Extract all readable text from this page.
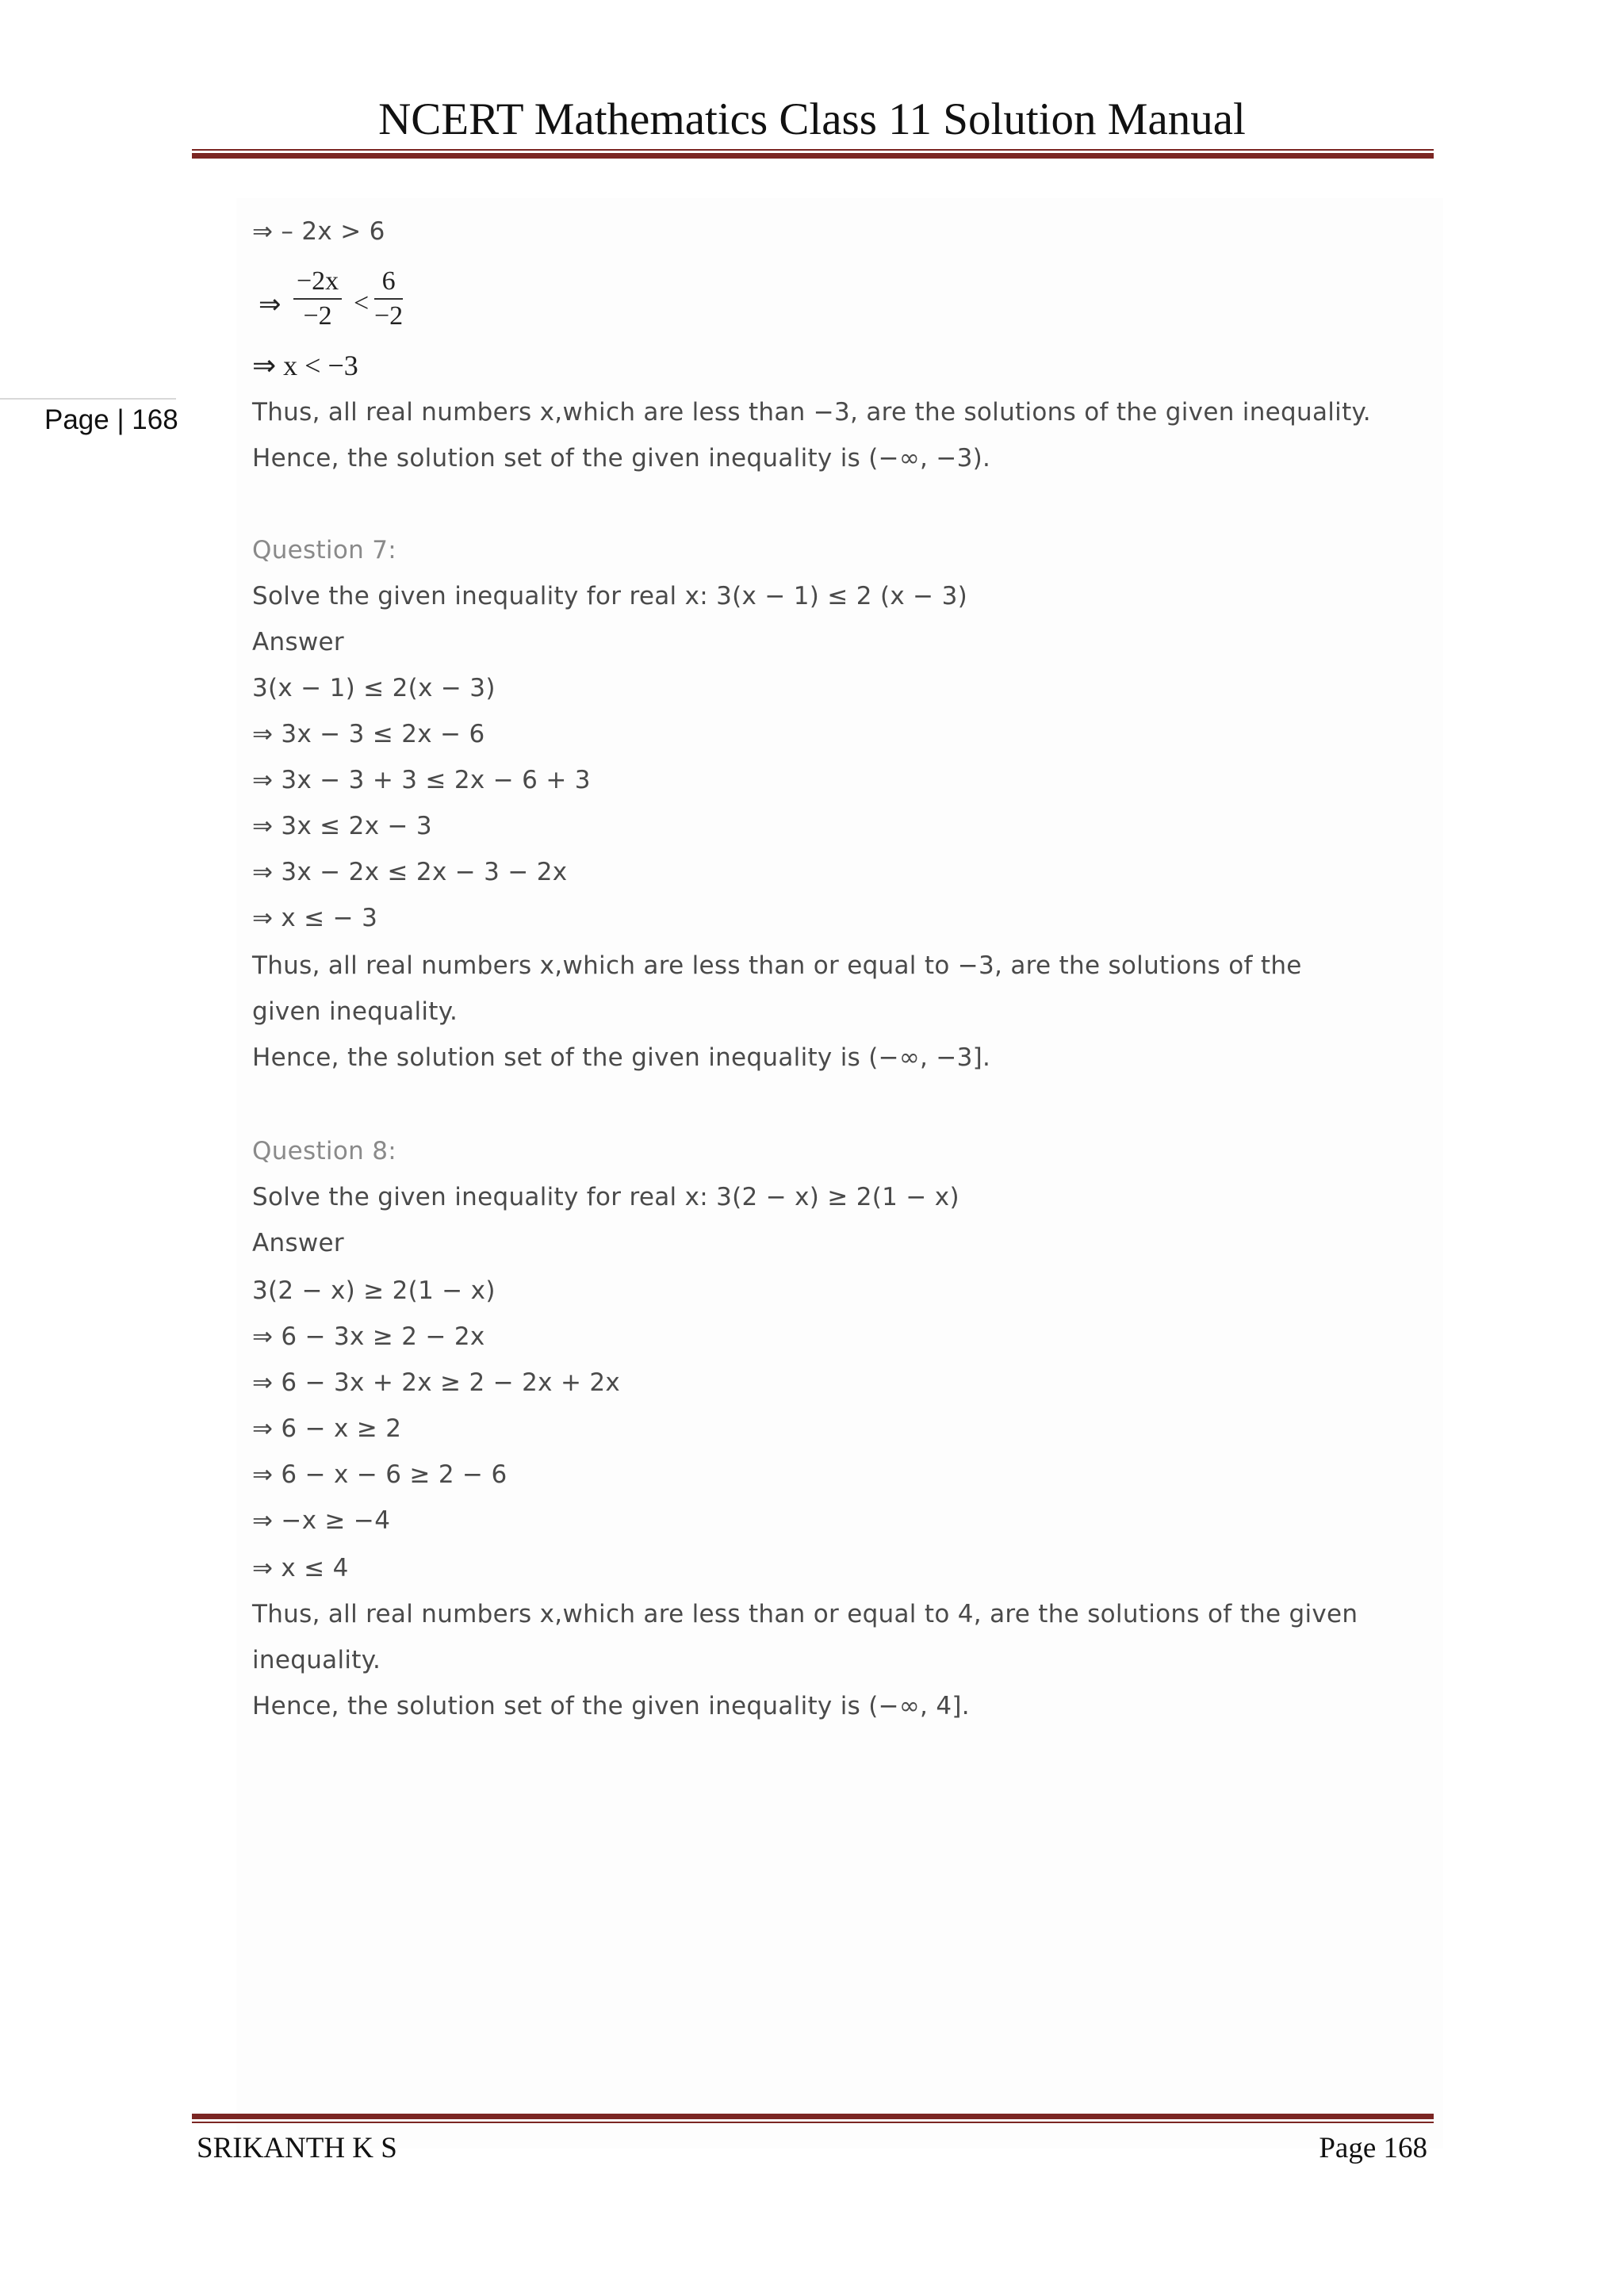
NCERT Mathematics Class 11 Solution Manual
Page | 168
⇒ – 2x > 6
⇒ $\frac{-2x}{-2} < \frac{6}{-2}$
⇒ x < −3
Thus, all real numbers x,which are less than −3, are the solutions of the given inequality.
Hence, the solution set of the given inequality is (−∞, −3).
Question 7:
Solve the given inequality for real x: 3(x − 1) ≤ 2 (x − 3)
Answer
3(x − 1) ≤ 2(x − 3)
⇒ 3x − 3 ≤ 2x − 6
⇒ 3x − 3 + 3 ≤ 2x − 6 + 3
⇒ 3x ≤ 2x − 3
⇒ 3x − 2x ≤ 2x − 3 − 2x
⇒ x ≤ − 3
Thus, all real numbers x,which are less than or equal to −3, are the solutions of the
given inequality.
Hence, the solution set of the given inequality is (−∞, −3].
Question 8:
Solve the given inequality for real x: 3(2 − x) ≥ 2(1 − x)
Answer
3(2 − x) ≥ 2(1 − x)
⇒ 6 − 3x ≥ 2 − 2x
⇒ 6 − 3x + 2x ≥ 2 − 2x + 2x
⇒ 6 − x ≥ 2
⇒ 6 − x − 6 ≥ 2 − 6
⇒ −x ≥ −4
⇒ x ≤ 4
Thus, all real numbers x,which are less than or equal to 4, are the solutions of the given
inequality.
Hence, the solution set of the given inequality is (−∞, 4].
SRIKANTH K S	Page 168
